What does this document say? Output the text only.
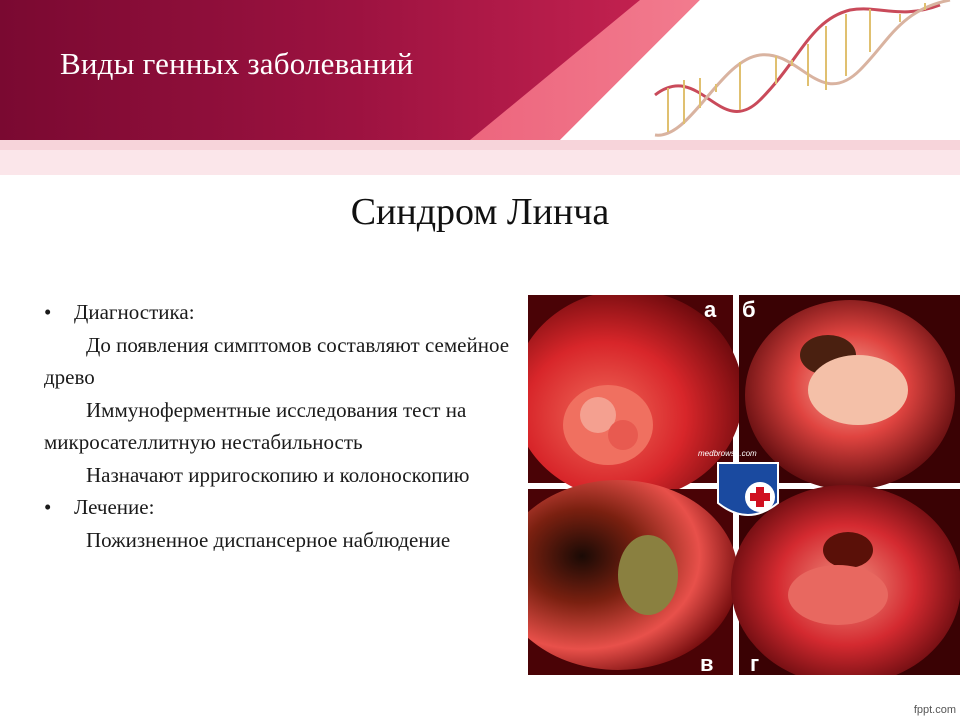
Виды генных заболеваний
Синдром Линча
• Диагностика:
До появления симптомов составляют семейное древо
Иммуноферментные исследования тест на микросателлитную нестабильность
Назначают ирригоскопию и колоноскопию
• Лечение:
Пожизненное диспансерное наблюдение
а б
в г
medbrowse.com
fppt.com
